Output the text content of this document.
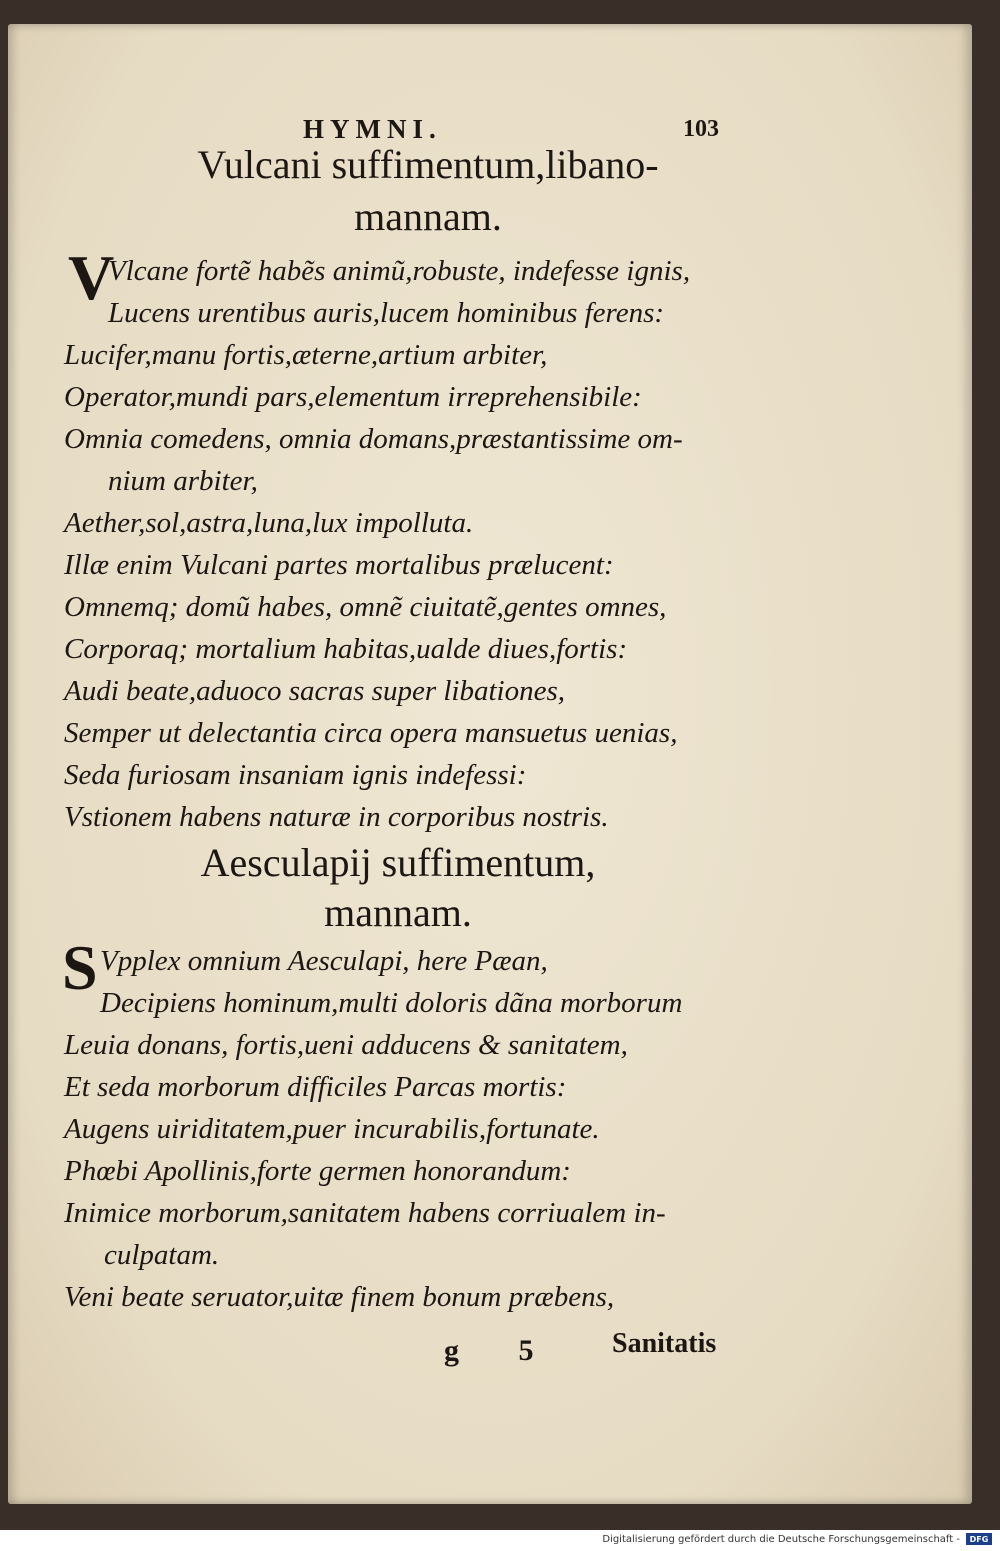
HYMNI.	103
Vulcani suffimentum,libano-
mannam.
V
Vlcane fortẽ habẽs animũ,robuste, indefesse ignis,
Lucens urentibus auris,lucem hominibus ferens:
Lucifer,manu fortis,æterne,artium arbiter,
Operator,mundi pars,elementum irreprehensibile:
Omnia comedens, omnia domans,præstantissime om-
nium arbiter,
Aether,sol,astra,luna,lux impolluta.
Illæ enim Vulcani partes mortalibus prælucent:
Omnemq; domũ habes, omnẽ ciuitatẽ,gentes omnes,
Corporaq; mortalium habitas,ualde diues,fortis:
Audi beate,aduoco sacras super libationes,
Semper ut delectantia circa opera mansuetus uenias,
Seda furiosam insaniam ignis indefessi:
Vstionem habens naturæ in corporibus nostris.
Aesculapij suffimentum,
mannam.
S Vpplex omnium Aesculapi, here Pæan,
Decipiens hominum,multi doloris dãna morborum
Leuia donans, fortis,ueni adducens & sanitatem,
Et seda morborum difficiles Parcas mortis:
Augens uiriditatem,puer incurabilis,fortunate.
Phœbi Apollinis,forte germen honorandum:
Inimice morborum,sanitatem habens corriualem in-
culpatam.
Veni beate seruator,uitæ finem bonum præbens,
g 5 Sanitatis
Digitalisierung gefördert durch die Deutsche Forschungsgemeinschaft -	DFG
